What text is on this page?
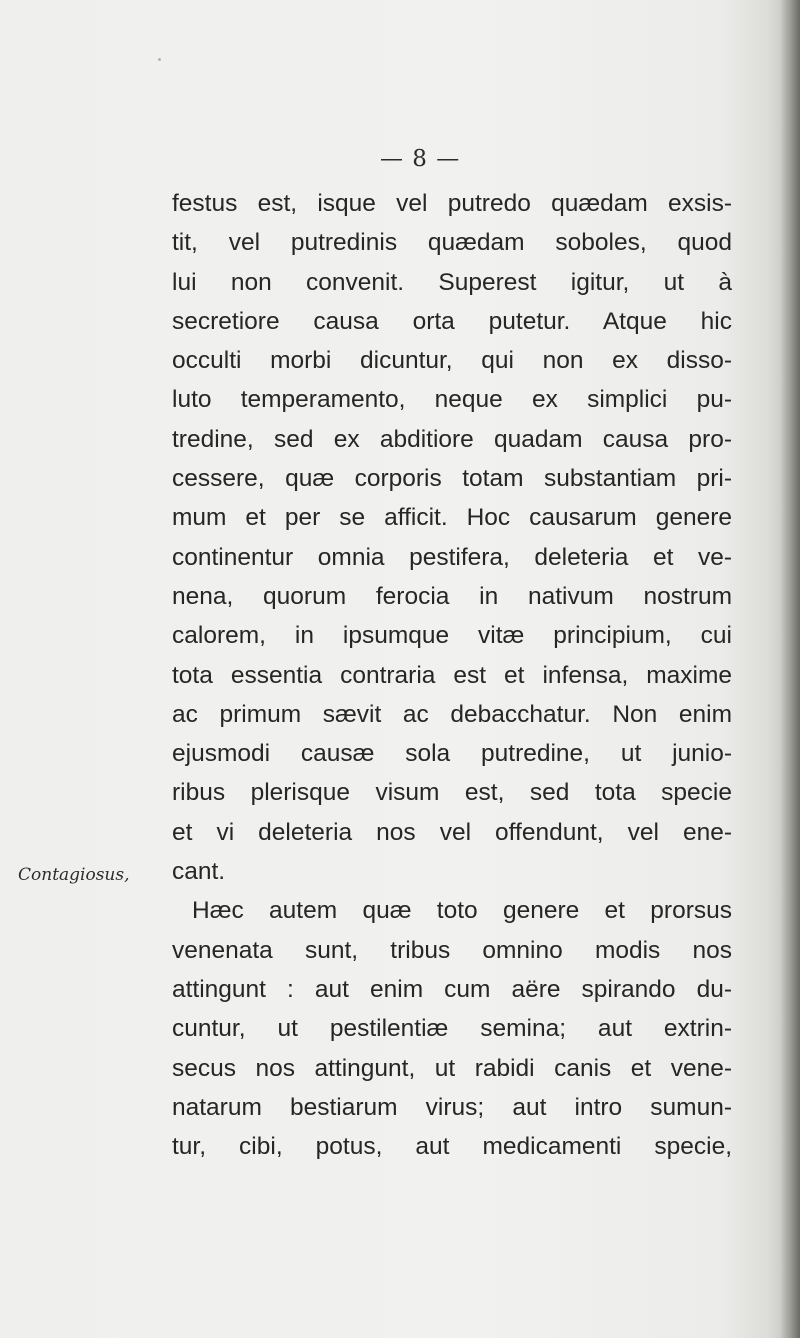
— 8 —
Contagiosus,
festus est, isque vel putredo quædam exsis-
tit, vel putredinis quædam soboles, quod
lui non convenit. Superest igitur, ut à
secretiore causa orta putetur. Atque hic
occulti morbi dicuntur, qui non ex disso-
luto temperamento, neque ex simplici pu-
tredine, sed ex abditiore quadam causa pro-
cessere, quæ corporis totam substantiam pri-
mum et per se afficit. Hoc causarum genere
continentur omnia pestifera, deleteria et ve-
nena, quorum ferocia in nativum nostrum
calorem, in ipsumque vitæ principium, cui
tota essentia contraria est et infensa, maxime
ac primum sævit ac debacchatur. Non enim
ejusmodi causæ sola putredine, ut junio-
ribus plerisque visum est, sed tota specie
et vi deleteria nos vel offendunt, vel ene-
cant.
Hæc autem quæ toto genere et prorsus
venenata sunt, tribus omnino modis nos
attingunt : aut enim cum aëre spirando du-
cuntur, ut pestilentiæ semina; aut extrin-
secus nos attingunt, ut rabidi canis et vene-
natarum bestiarum virus; aut intro sumun-
tur, cibi, potus, aut medicamenti specie,
